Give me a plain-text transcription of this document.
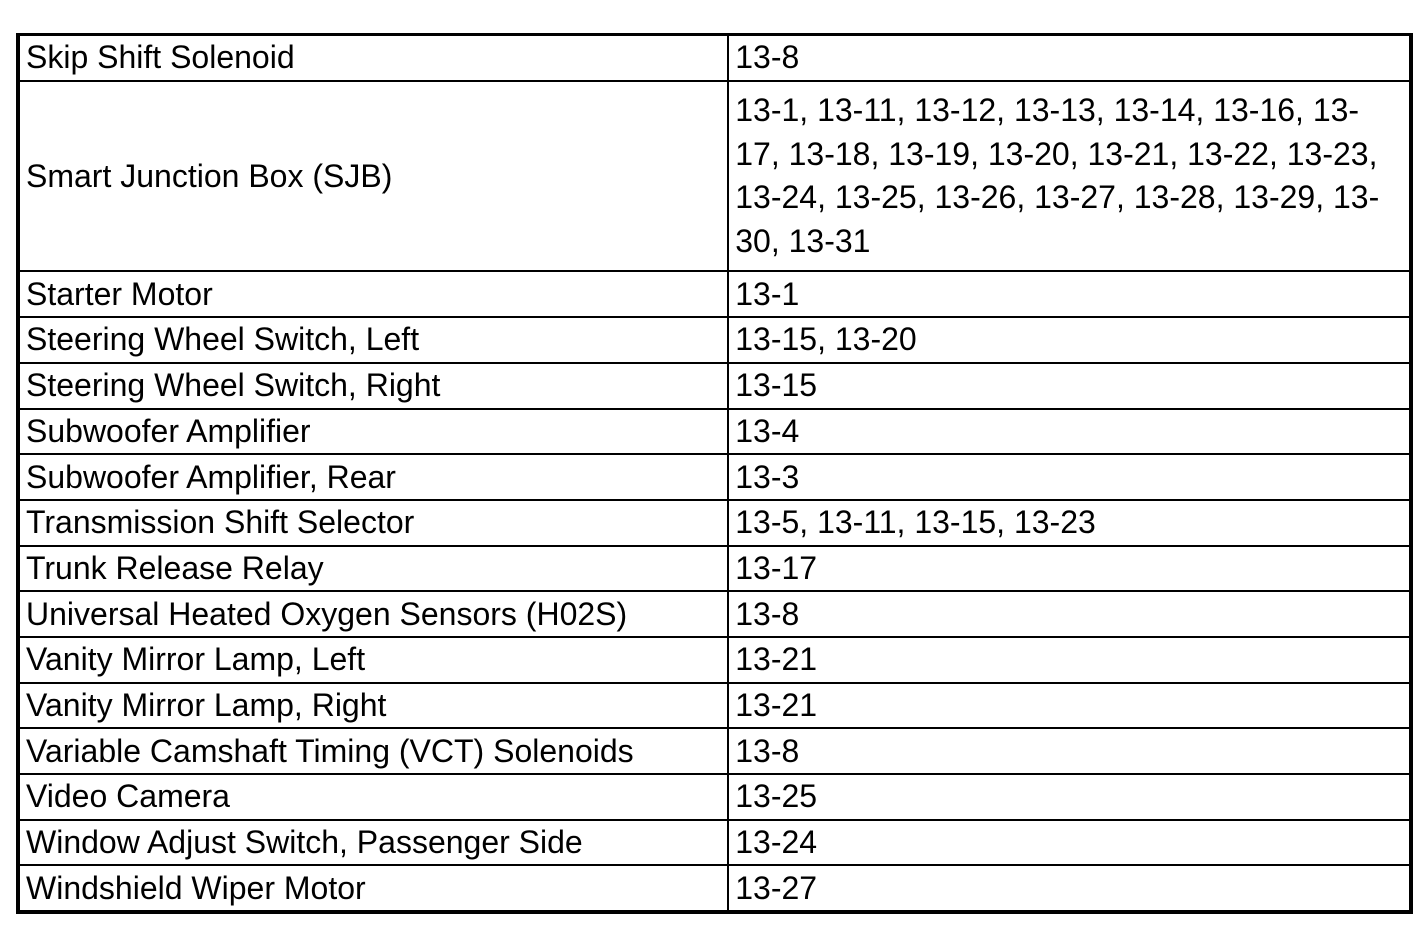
Skip Shift Solenoid	13-8
Smart Junction Box (SJB)	13-1, 13-11, 13-12, 13-13, 13-14, 13-16, 13-17, 13-18, 13-19, 13-20, 13-21, 13-22, 13-23, 13-24, 13-25, 13-26, 13-27, 13-28, 13-29, 13-30, 13-31
Starter Motor	13-1
Steering Wheel Switch, Left	13-15, 13-20
Steering Wheel Switch, Right	13-15
Subwoofer Amplifier	13-4
Subwoofer Amplifier, Rear	13-3
Transmission Shift Selector	13-5, 13-11, 13-15, 13-23
Trunk Release Relay	13-17
Universal Heated Oxygen Sensors (H02S)	13-8
Vanity Mirror Lamp, Left	13-21
Vanity Mirror Lamp, Right	13-21
Variable Camshaft Timing (VCT) Solenoids	13-8
Video Camera	13-25
Window Adjust Switch, Passenger Side	13-24
Windshield Wiper Motor	13-27
